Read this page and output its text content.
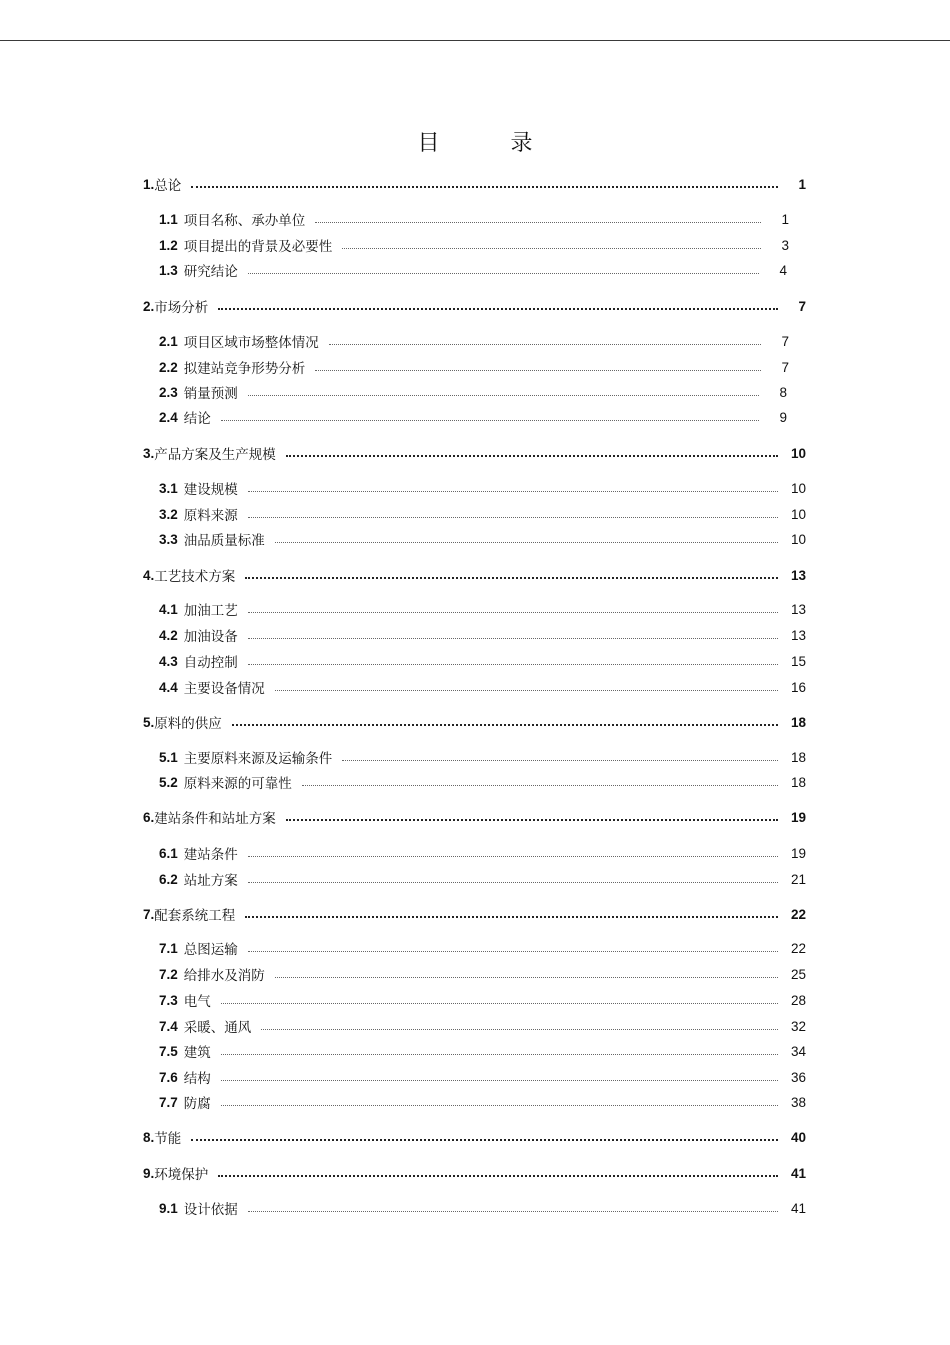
目 录
1. 总论	1
1.1 项目名称、承办单位	1
1.2 项目提出的背景及必要性	3
1.3 研究结论	4
2. 市场分析	7
2.1 项目区域市场整体情况	7
2.2 拟建站竞争形势分析	7
2.3 销量预测	8
2.4 结论	9
3. 产品方案及生产规模	10
3.1 建设规模	10
3.2 原料来源	10
3.3 油品质量标准	10
4. 工艺技术方案	13
4.1 加油工艺	13
4.2 加油设备	13
4.3 自动控制	15
4.4 主要设备情况	16
5. 原料的供应	18
5.1 主要原料来源及运输条件	18
5.2 原料来源的可靠性	18
6. 建站条件和站址方案	19
6.1 建站条件	19
6.2 站址方案	21
7. 配套系统工程	22
7.1 总图运输	22
7.2 给排水及消防	25
7.3 电气	28
7.4 采暖、通风	32
7.5 建筑	34
7.6 结构	36
7.7 防腐	38
8. 节能	40
9. 环境保护	41
9.1 设计依据	41
